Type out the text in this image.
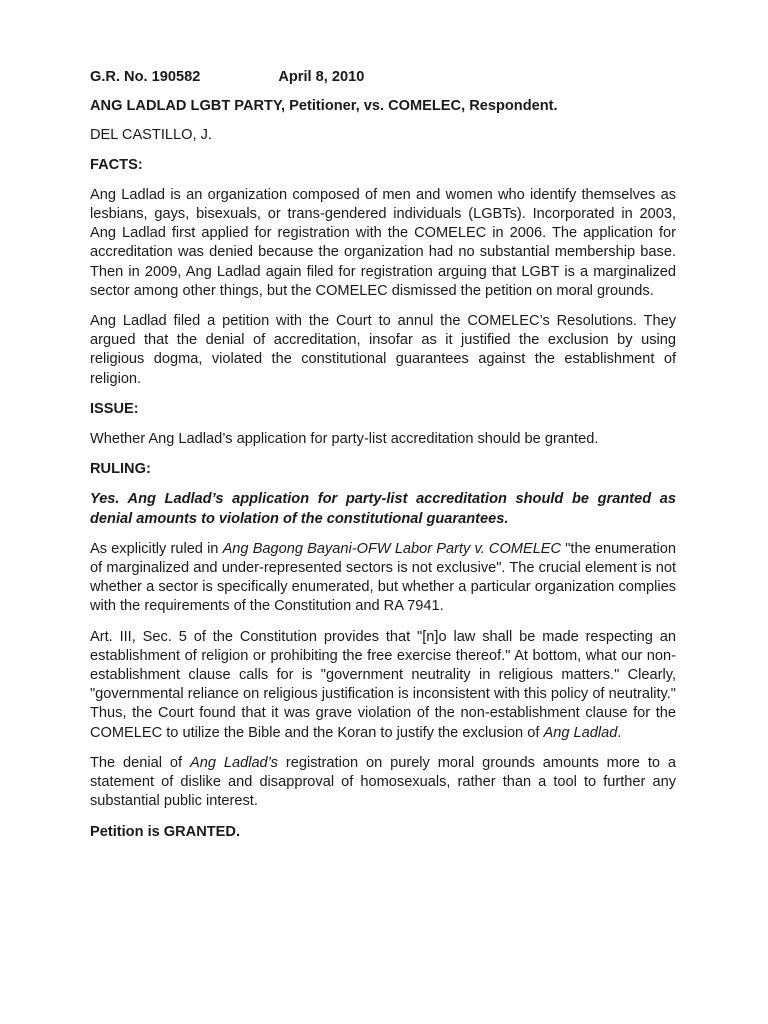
G.R. No. 190582	April 8, 2010

ANG LADLAD LGBT PARTY, Petitioner, vs. COMELEC, Respondent.

DEL CASTILLO, J.

FACTS:

Ang Ladlad is an organization composed of men and women who identify themselves as lesbians, gays, bisexuals, or trans-gendered individuals (LGBTs). Incorporated in 2003, Ang Ladlad first applied for registration with the COMELEC in 2006. The application for accreditation was denied because the organization had no substantial membership base. Then in 2009, Ang Ladlad again filed for registration arguing that LGBT is a marginalized sector among other things, but the COMELEC dismissed the petition on moral grounds.

Ang Ladlad filed a petition with the Court to annul the COMELEC’s Resolutions. They argued that the denial of accreditation, insofar as it justified the exclusion by using religious dogma, violated the constitutional guarantees against the establishment of religion.

ISSUE:

Whether Ang Ladlad’s application for party-list accreditation should be granted.

RULING:

Yes. Ang Ladlad’s application for party-list accreditation should be granted as denial amounts to violation of the constitutional guarantees.

As explicitly ruled in Ang Bagong Bayani-OFW Labor Party v. COMELEC "the enumeration of marginalized and under-represented sectors is not exclusive". The crucial element is not whether a sector is specifically enumerated, but whether a particular organization complies with the requirements of the Constitution and RA 7941.

Art. III, Sec. 5 of the Constitution provides that "[n]o law shall be made respecting an establishment of religion or prohibiting the free exercise thereof." At bottom, what our non-establishment clause calls for is "government neutrality in religious matters." Clearly, "governmental reliance on religious justification is inconsistent with this policy of neutrality." Thus, the Court found that it was grave violation of the non-establishment clause for the COMELEC to utilize the Bible and the Koran to justify the exclusion of Ang Ladlad.

The denial of Ang Ladlad’s registration on purely moral grounds amounts more to a statement of dislike and disapproval of homosexuals, rather than a tool to further any substantial public interest.

Petition is GRANTED.
